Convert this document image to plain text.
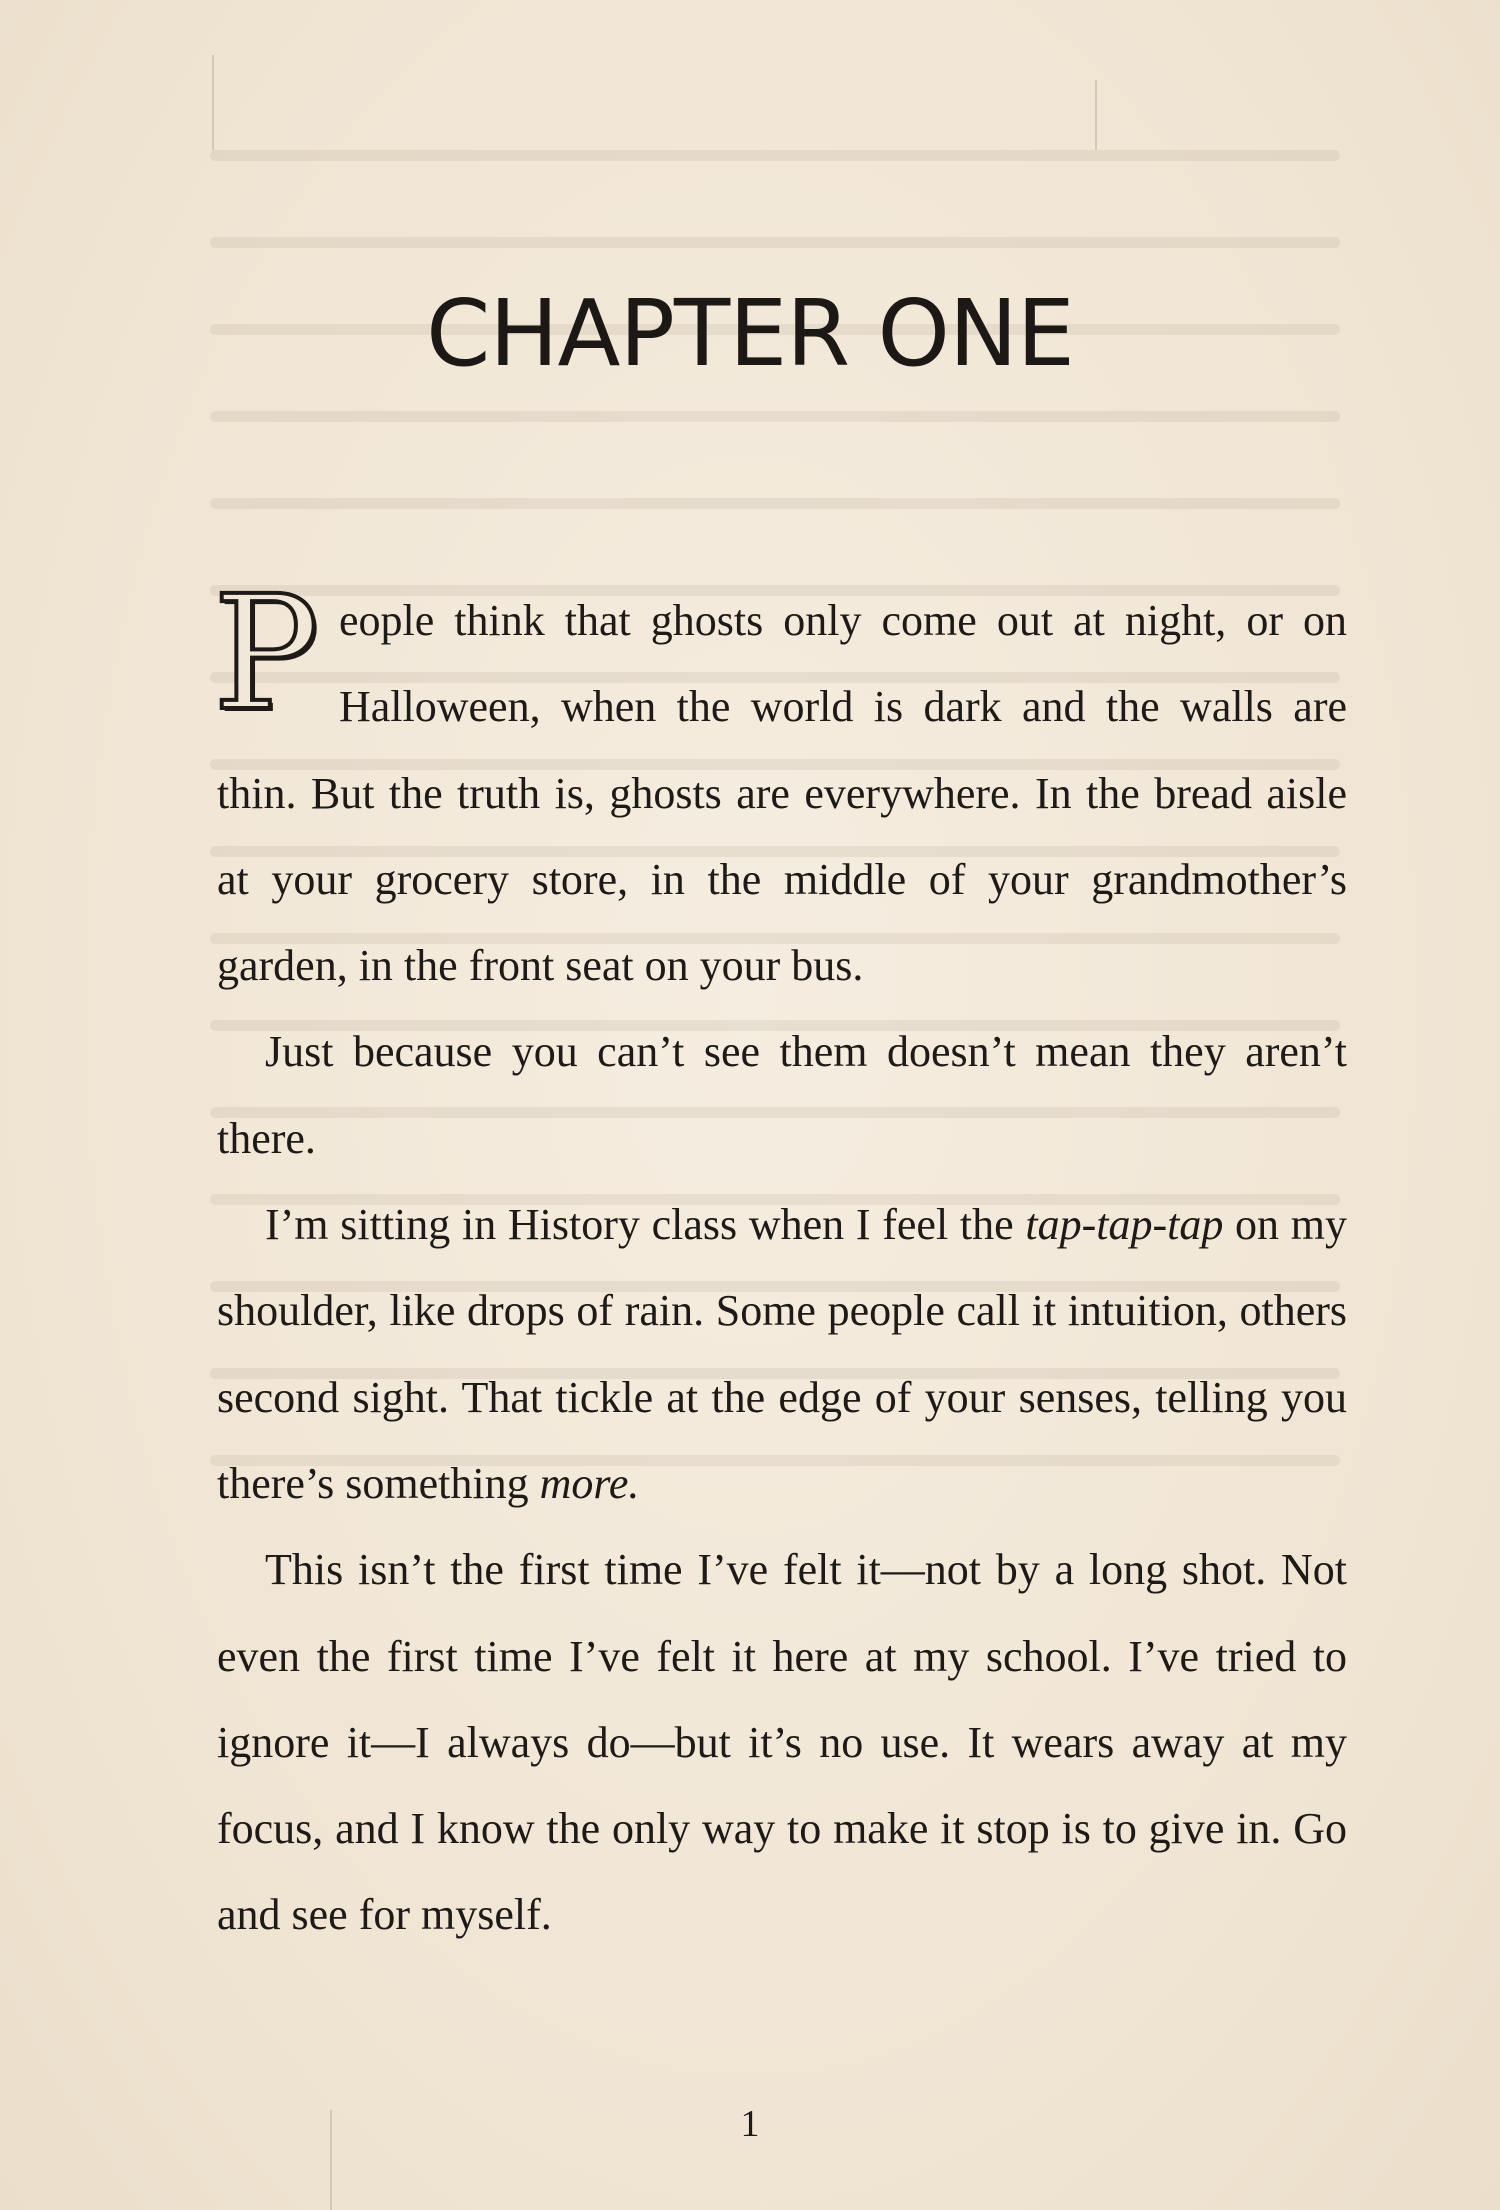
CHAPTER ONE

People think that ghosts only come out at night, or on Halloween, when the world is dark and the walls are thin. But the truth is, ghosts are everywhere. In the bread aisle at your grocery store, in the middle of your grandmother’s garden, in the front seat on your bus.

Just because you can’t see them doesn’t mean they aren’t there.

I’m sitting in History class when I feel the tap-tap-tap on my shoulder, like drops of rain. Some people call it intuition, others second sight. That tickle at the edge of your senses, telling you there’s something more.

This isn’t the first time I’ve felt it—not by a long shot. Not even the first time I’ve felt it here at my school. I’ve tried to ignore it—I always do—but it’s no use. It wears away at my focus, and I know the only way to make it stop is to give in. Go and see for myself.

1
